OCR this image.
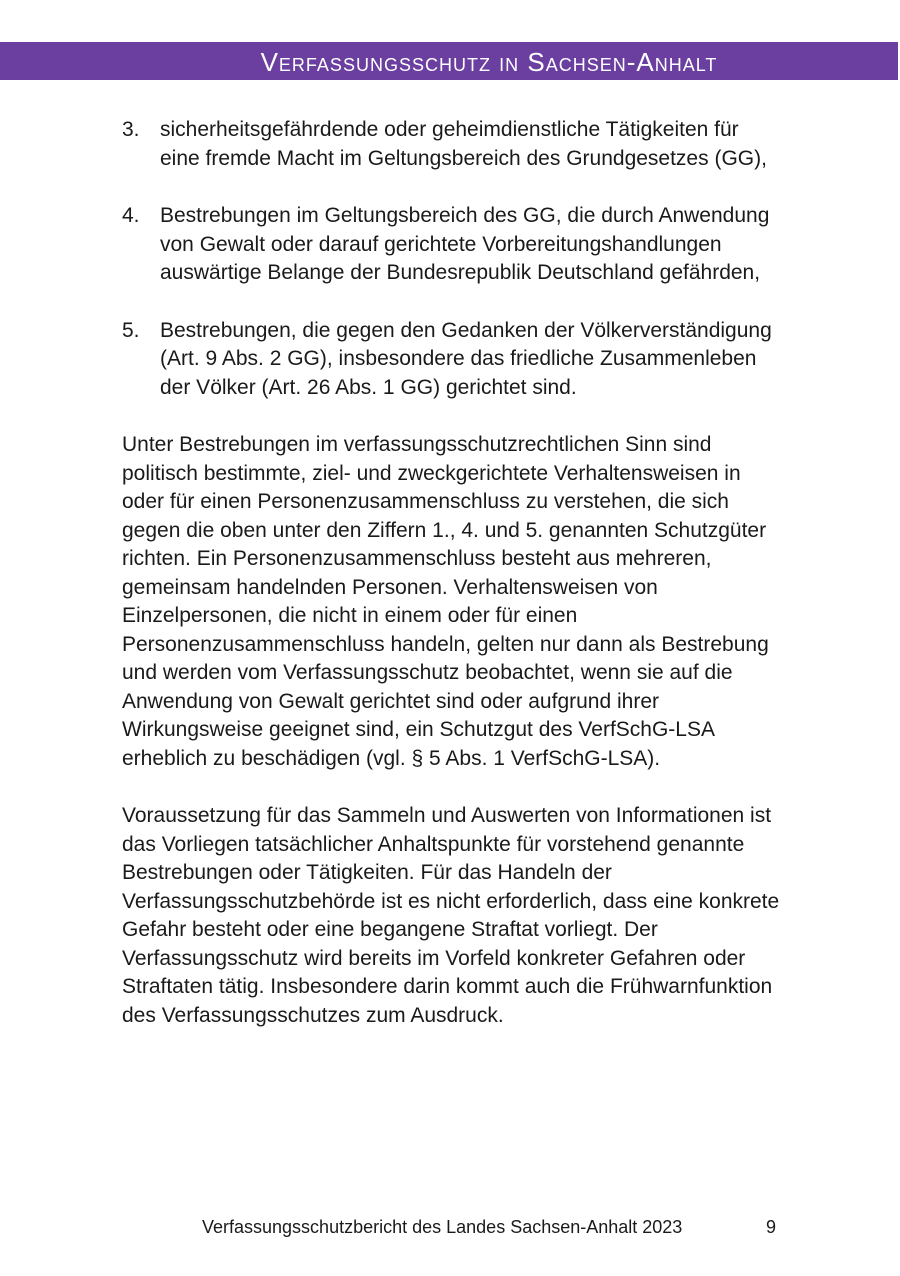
Verfassungsschutz in Sachsen-Anhalt
3. sicherheitsgefährdende oder geheimdienstliche Tätigkeiten für eine fremde Macht im Geltungsbereich des Grundgesetzes (GG),
4. Bestrebungen im Geltungsbereich des GG, die durch Anwendung von Gewalt oder darauf gerichtete Vorbereitungshandlungen auswärtige Belange der Bundesrepublik Deutschland gefährden,
5. Bestrebungen, die gegen den Gedanken der Völkerverständigung (Art. 9 Abs. 2 GG), insbesondere das friedliche Zusammenleben der Völker (Art. 26 Abs. 1 GG) gerichtet sind.

Unter Bestrebungen im verfassungsschutzrechtlichen Sinn sind politisch bestimmte, ziel- und zweckgerichtete Verhaltensweisen in oder für einen Personenzusammenschluss zu verstehen, die sich gegen die oben unter den Ziffern 1., 4. und 5. genannten Schutzgüter richten. Ein Personenzusammenschluss besteht aus mehreren, gemeinsam handelnden Personen. Verhaltensweisen von Einzelpersonen, die nicht in einem oder für einen Personenzusammenschluss handeln, gelten nur dann als Bestrebung und werden vom Verfassungsschutz beobachtet, wenn sie auf die Anwendung von Gewalt gerichtet sind oder aufgrund ihrer Wirkungsweise geeignet sind, ein Schutzgut des VerfSchG-LSA erheblich zu beschädigen (vgl. § 5 Abs. 1 VerfSchG-LSA).

Voraussetzung für das Sammeln und Auswerten von Informationen ist das Vorliegen tatsächlicher Anhaltspunkte für vorstehend genannte Bestrebungen oder Tätigkeiten. Für das Handeln der Verfassungsschutzbehörde ist es nicht erforderlich, dass eine konkrete Gefahr besteht oder eine begangene Straftat vorliegt. Der Verfassungsschutz wird bereits im Vorfeld konkreter Gefahren oder Straftaten tätig. Insbesondere darin kommt auch die Frühwarnfunktion des Verfassungsschutzes zum Ausdruck.

Verfassungsschutzbericht des Landes Sachsen-Anhalt 2023	9
